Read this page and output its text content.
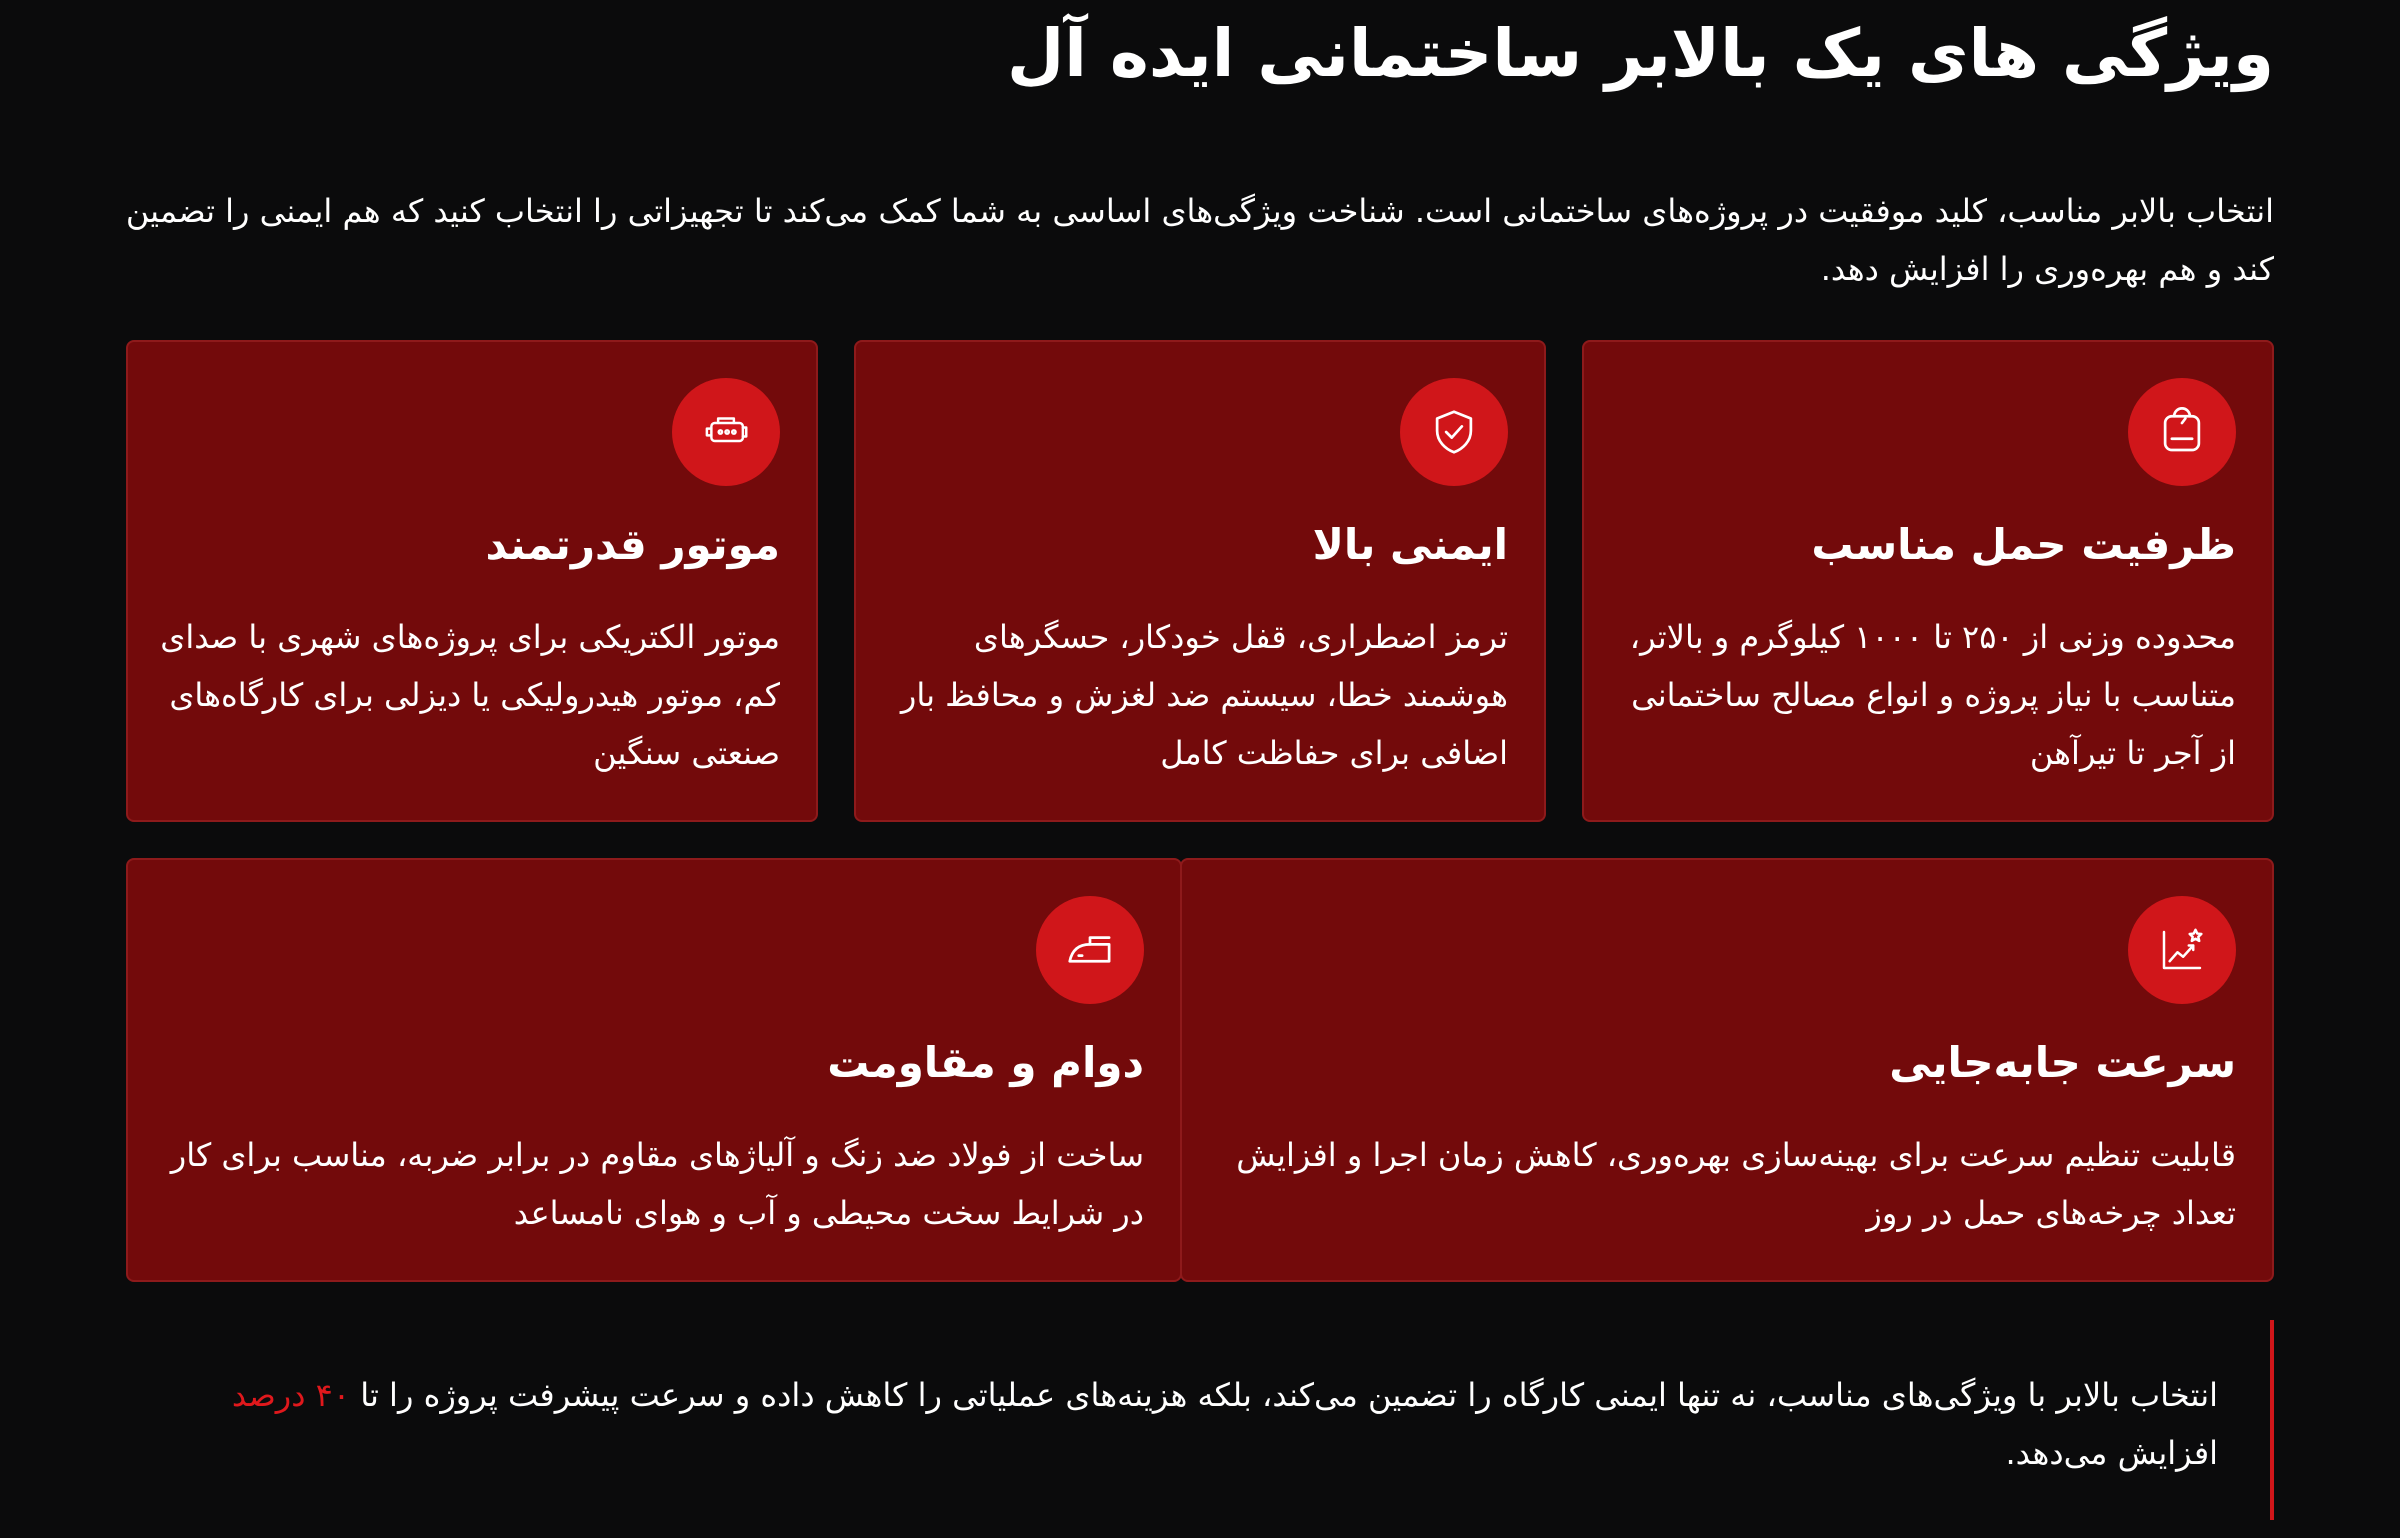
ویژگی های یک بالابر ساختمانی ایده آل

انتخاب بالابر مناسب، کلید موفقیت در پروژه‌های ساختمانی است. شناخت ویژگی‌های اساسی به شما کمک می‌کند تا تجهیزاتی را انتخاب کنید که هم ایمنی را تضمین کند و هم بهره‌وری را افزایش دهد.

ظرفیت حمل مناسب

محدوده وزنی از ۲۵۰ تا ۱۰۰۰ کیلوگرم و بالاتر، متناسب با نیاز پروژه و انواع مصالح ساختمانی از آجر تا تیرآهن

ایمنی بالا

ترمز اضطراری، قفل خودکار، حسگرهای هوشمند خطا، سیستم ضد لغزش و محافظ بار اضافی برای حفاظت کامل

موتور قدرتمند

موتور الکتریکی برای پروژه‌های شهری با صدای کم، موتور هیدرولیکی یا دیزلی برای کارگاه‌های صنعتی سنگین

سرعت جابه‌جایی

قابلیت تنظیم سرعت برای بهینه‌سازی بهره‌وری، کاهش زمان اجرا و افزایش تعداد چرخه‌های حمل در روز

دوام و مقاومت

ساخت از فولاد ضد زنگ و آلیاژهای مقاوم در برابر ضربه، مناسب برای کار در شرایط سخت محیطی و آب و هوای نامساعد

انتخاب بالابر با ویژگی‌های مناسب، نه تنها ایمنی کارگاه را تضمین می‌کند، بلکه هزینه‌های عملیاتی را کاهش داده و سرعت پیشرفت پروژه را تا ۴۰ درصد افزایش می‌دهد.
